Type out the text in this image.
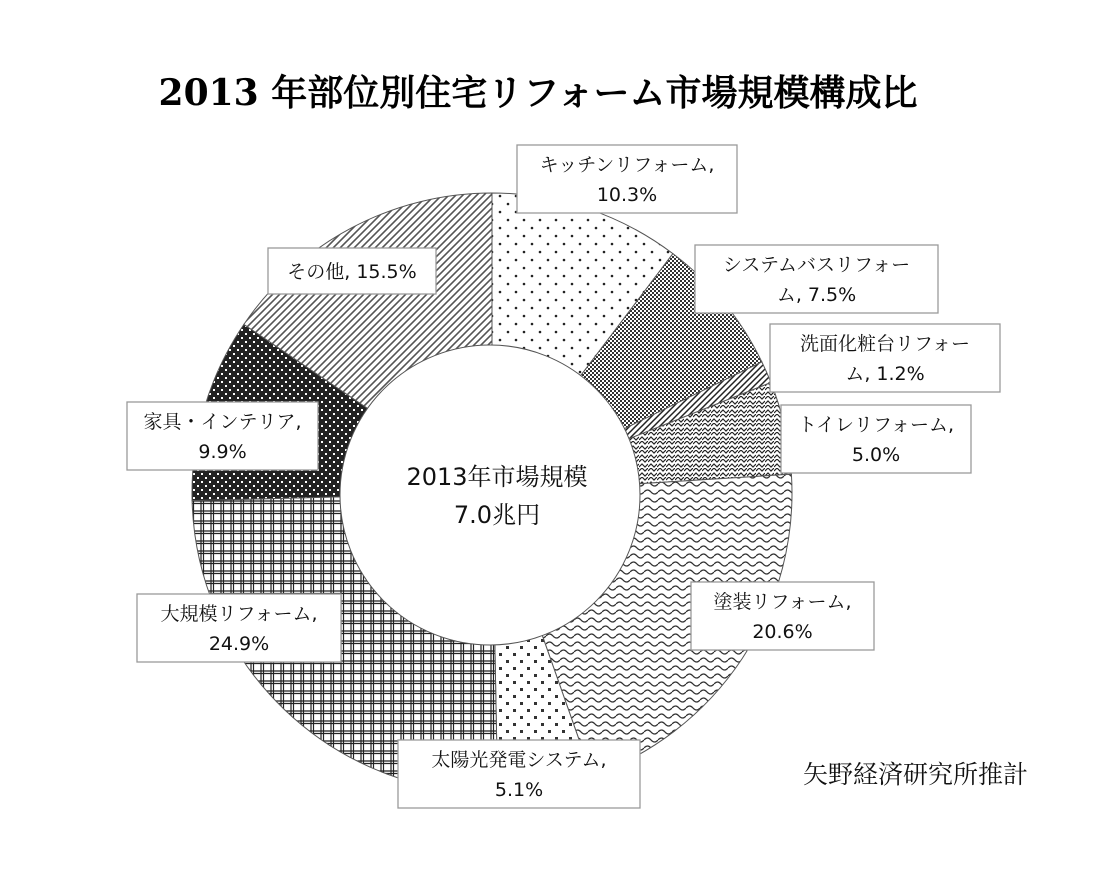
2013 年部位別住宅リフォーム市場規模構成比
2013年市場規模
7.0兆円
キッチンリフォーム,
10.3%
システムバスリフォー
ム, 7.5%
洗面化粧台リフォー
ム, 1.2%
トイレリフォーム,
5.0%
塗装リフォーム,
20.6%
太陽光発電システム,
5.1%
大規模リフォーム,
24.9%
家具・インテリア,
9.9%
その他, 15.5%
矢野経済研究所推計
